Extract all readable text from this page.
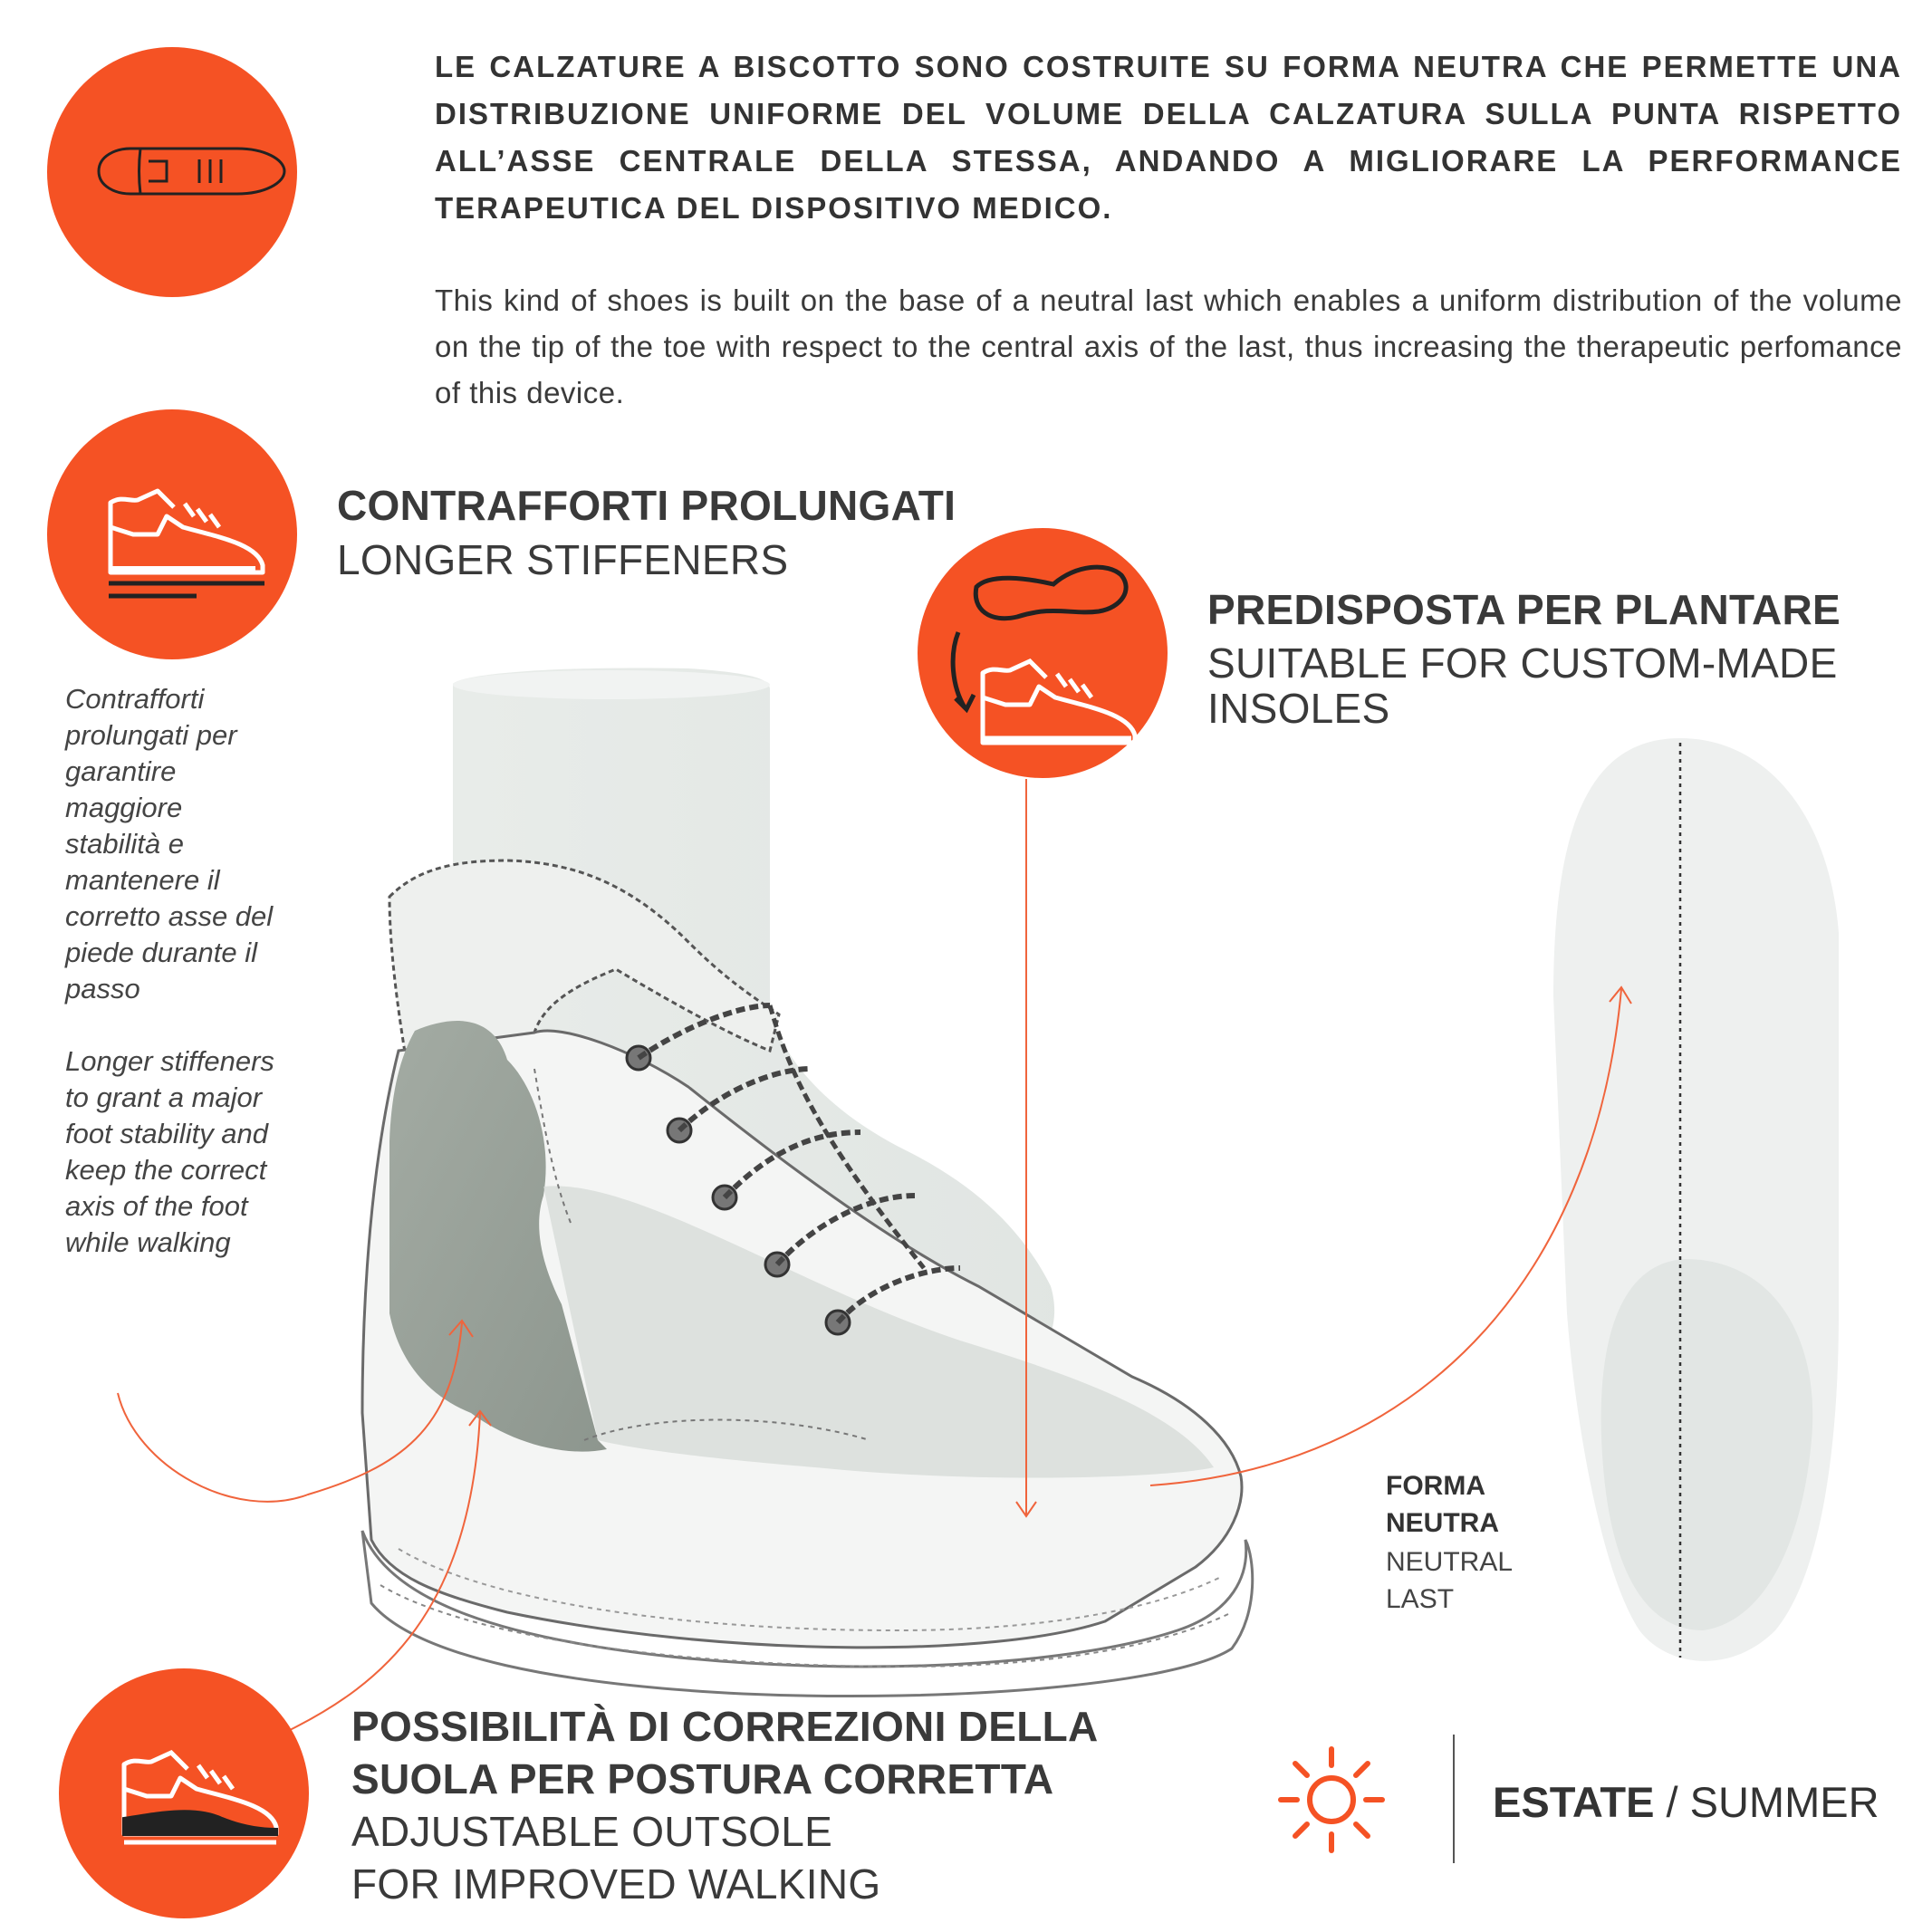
LE CALZATURE A BISCOTTO SONO COSTRUITE SU FORMA NEUTRA CHE PERMETTE UNA DISTRIBUZIONE UNIFORME DEL VOLUME DELLA CALZATURA SULLA PUNTA RISPETTO ALL’ASSE CENTRALE DELLA STESSA, ANDANDO A MIGLIORARE LA PERFORMANCE TERAPEUTICA DEL DISPOSITIVO MEDICO.
This kind of shoes is built on the base of a neutral last which enables a uniform distribution of the volume on the tip of the toe with respect to the central axis of the last, thus increasing the therapeutic perfomance of this device.
CONTRAFFORTI PROLUNGATI
LONGER STIFFENERS

Contrafforti prolungati per garantire maggiore stabilità e mantenere il corretto asse del piede durante il passo

Longer stiffeners to grant a major foot stability and keep the correct axis of the foot while walking

PREDISPOSTA PER PLANTARE
SUITABLE FOR CUSTOM-MADE
INSOLES
FORMA
NEUTRA
NEUTRAL
LAST
POSSIBILITÀ DI CORREZIONI DELLA
SUOLA PER POSTURA CORRETTA
ADJUSTABLE OUTSOLE
FOR IMPROVED WALKING
ESTATE / SUMMER
